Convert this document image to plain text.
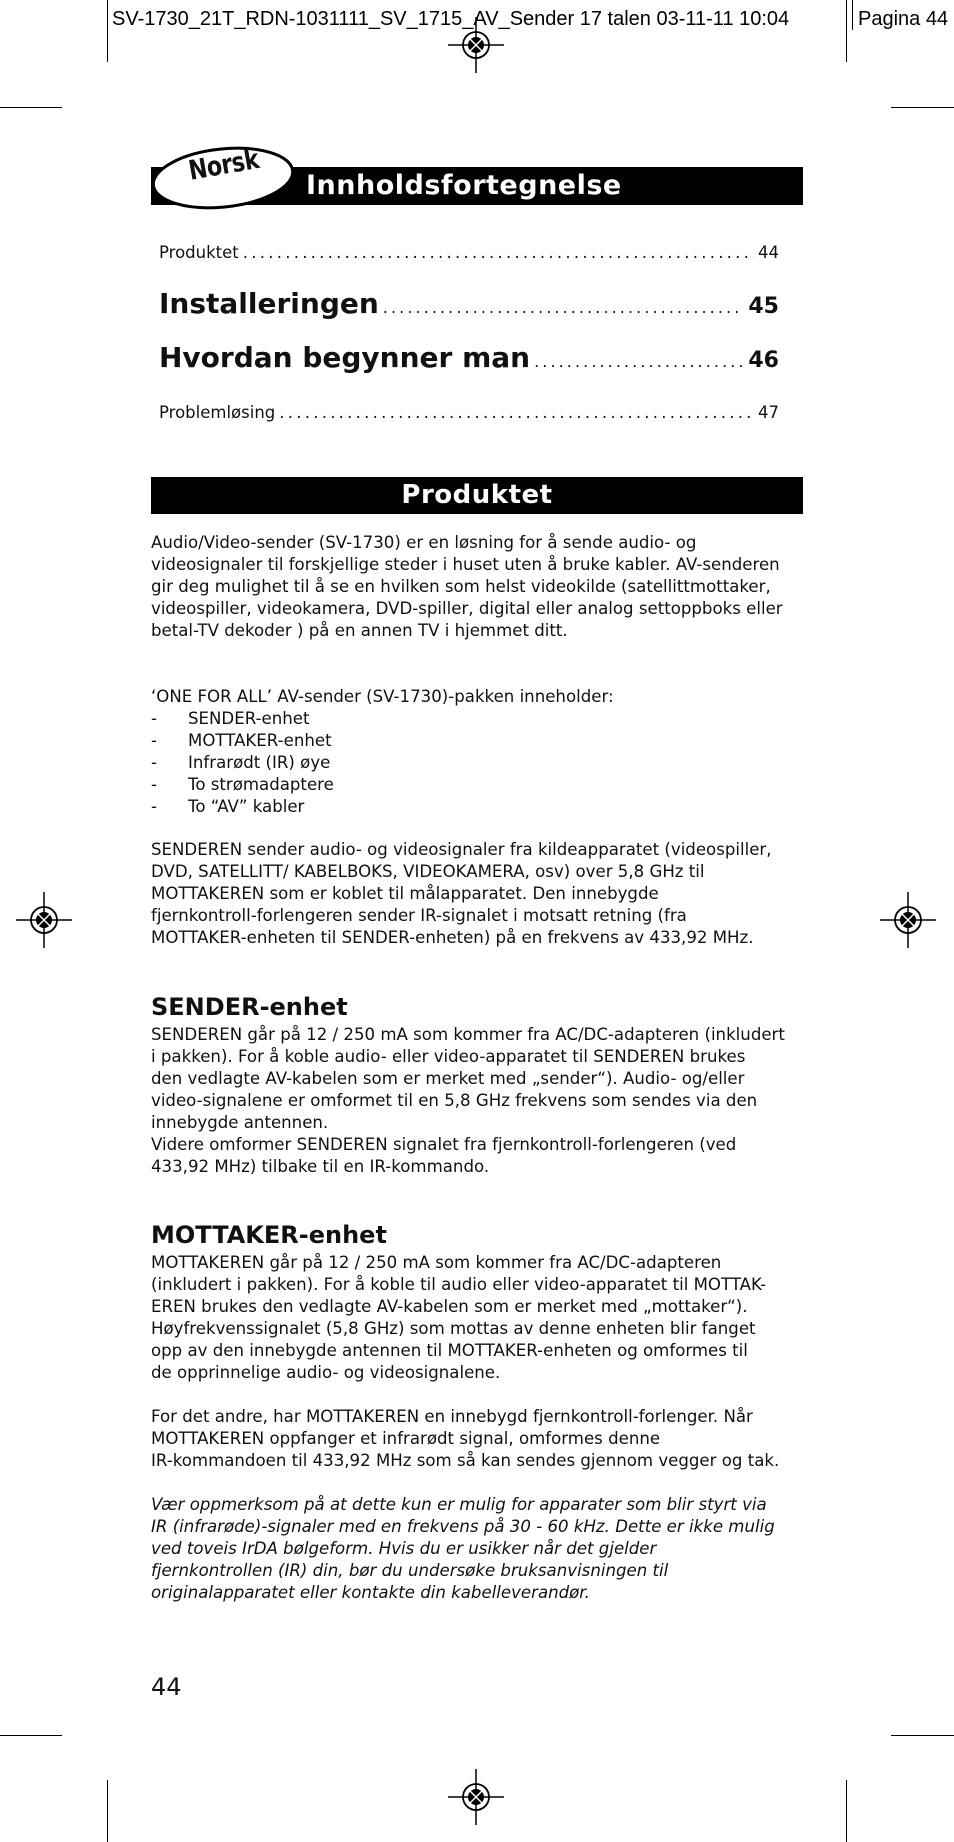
SV-1730_21T_RDN-1031111_SV_1715_AV_Sender 17 talen 03-11-11 10:04	Pagina 44
Innholdsfortegnelse
Norsk
Produktet . . .	44
Installeringen . . .	45
Hvordan begynner man . . .	46
Problemløsing . . .	47
Produktet
Audio/Video-sender (SV-1730) er en løsning for å sende audio- og
videosignaler til forskjellige steder i huset uten å bruke kabler. AV-senderen
gir deg mulighet til å se en hvilken som helst videokilde (satellittmottaker,
videospiller, videokamera, DVD-spiller, digital eller analog settoppboks eller
betal-TV dekoder ) på en annen TV i hjemmet ditt.
‘ONE FOR ALL’ AV-sender (SV-1730)-pakken inneholder:
- SENDER-enhet
- MOTTAKER-enhet
- Infrarødt (IR) øye
- To strømadaptere
- To “AV” kabler
SENDEREN sender audio- og videosignaler fra kildeapparatet (videospiller,
DVD, SATELLITT/ KABELBOKS, VIDEOKAMERA, osv) over 5,8 GHz til
MOTTAKEREN som er koblet til målapparatet. Den innebygde
fjernkontroll-forlengeren sender IR-signalet i motsatt retning (fra
MOTTAKER-enheten til SENDER-enheten) på en frekvens av 433,92 MHz.
SENDER-enhet
SENDEREN går på 12 / 250 mA som kommer fra AC/DC-adapteren (inkludert
i pakken). For å koble audio- eller video-apparatet til SENDEREN brukes
den vedlagte AV-kabelen som er merket med „sender“). Audio- og/eller
video-signalene er omformet til en 5,8 GHz frekvens som sendes via den
innebygde antennen.
Videre omformer SENDEREN signalet fra fjernkontroll-forlengeren (ved
433,92 MHz) tilbake til en IR-kommando.
MOTTAKER-enhet
MOTTAKEREN går på 12 / 250 mA som kommer fra AC/DC-adapteren
(inkludert i pakken). For å koble til audio eller video-apparatet til MOTTAK-
EREN brukes den vedlagte AV-kabelen som er merket med „mottaker“).
Høyfrekvenssignalet (5,8 GHz) som mottas av denne enheten blir fanget
opp av den innebygde antennen til MOTTAKER-enheten og omformes til
de opprinnelige audio- og videosignalene.
For det andre, har MOTTAKEREN en innebygd fjernkontroll-forlenger. Når
MOTTAKEREN oppfanger et infrarødt signal, omformes denne
IR-kommandoen til 433,92 MHz som så kan sendes gjennom vegger og tak.
Vær oppmerksom på at dette kun er mulig for apparater som blir styrt via
IR (infrarøde)-signaler med en frekvens på 30 - 60 kHz. Dette er ikke mulig
ved toveis IrDA bølgeform. Hvis du er usikker når det gjelder
fjernkontrollen (IR) din, bør du undersøke bruksanvisningen til
originalapparatet eller kontakte din kabelleverandør.
44
